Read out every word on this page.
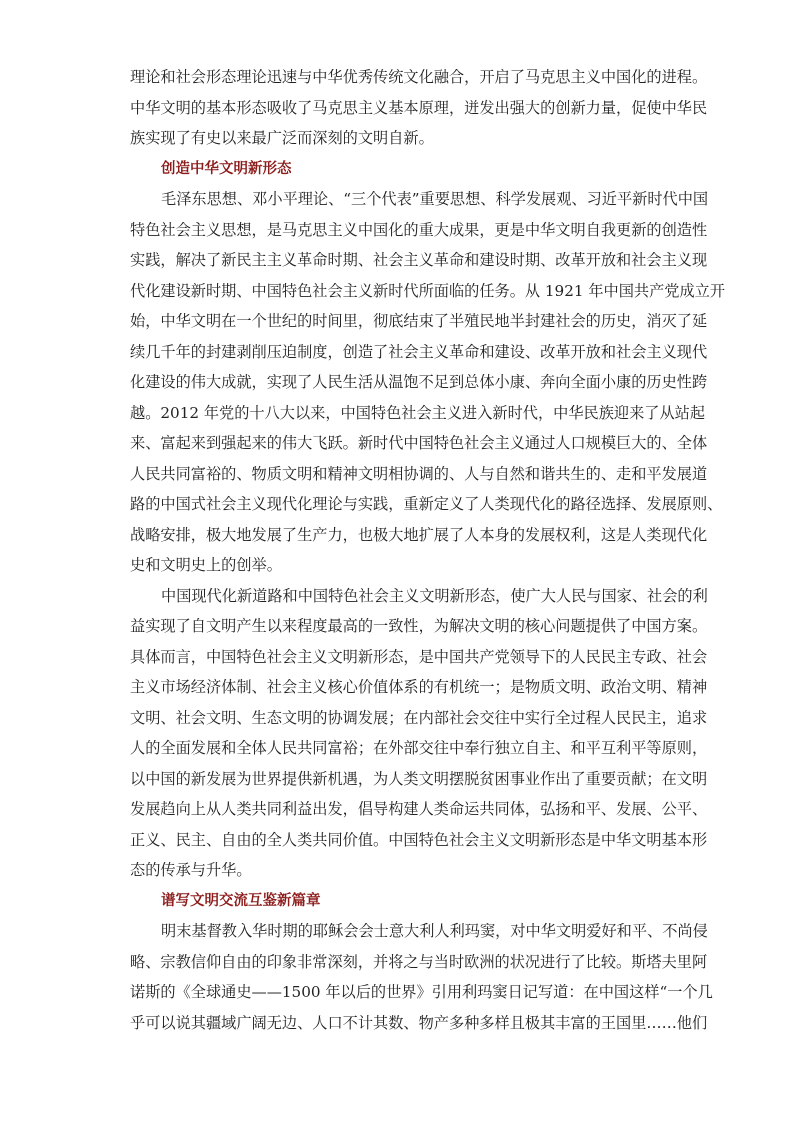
理论和社会形态理论迅速与中华优秀传统文化融合，开启了马克思主义中国化的进程。
中华文明的基本形态吸收了马克思主义基本原理，迸发出强大的创新力量，促使中华民
族实现了有史以来最广泛而深刻的文明自新。
创造中华文明新形态
毛泽东思想、邓小平理论、“三个代表”重要思想、科学发展观、习近平新时代中国
特色社会主义思想，是马克思主义中国化的重大成果，更是中华文明自我更新的创造性
实践，解决了新民主主义革命时期、社会主义革命和建设时期、改革开放和社会主义现
代化建设新时期、中国特色社会主义新时代所面临的任务。从 1921 年中国共产党成立开
始，中华文明在一个世纪的时间里，彻底结束了半殖民地半封建社会的历史，消灭了延
续几千年的封建剥削压迫制度，创造了社会主义革命和建设、改革开放和社会主义现代
化建设的伟大成就，实现了人民生活从温饱不足到总体小康、奔向全面小康的历史性跨
越。2012 年党的十八大以来，中国特色社会主义进入新时代，中华民族迎来了从站起
来、富起来到强起来的伟大飞跃。新时代中国特色社会主义通过人口规模巨大的、全体
人民共同富裕的、物质文明和精神文明相协调的、人与自然和谐共生的、走和平发展道
路的中国式社会主义现代化理论与实践，重新定义了人类现代化的路径选择、发展原则、
战略安排，极大地发展了生产力，也极大地扩展了人本身的发展权利，这是人类现代化
史和文明史上的创举。
中国现代化新道路和中国特色社会主义文明新形态，使广大人民与国家、社会的利
益实现了自文明产生以来程度最高的一致性，为解决文明的核心问题提供了中国方案。
具体而言，中国特色社会主义文明新形态，是中国共产党领导下的人民民主专政、社会
主义市场经济体制、社会主义核心价值体系的有机统一；是物质文明、政治文明、精神
文明、社会文明、生态文明的协调发展；在内部社会交往中实行全过程人民民主，追求
人的全面发展和全体人民共同富裕；在外部交往中奉行独立自主、和平互利平等原则，
以中国的新发展为世界提供新机遇，为人类文明摆脱贫困事业作出了重要贡献；在文明
发展趋向上从人类共同利益出发，倡导构建人类命运共同体，弘扬和平、发展、公平、
正义、民主、自由的全人类共同价值。中国特色社会主义文明新形态是中华文明基本形
态的传承与升华。
谱写文明交流互鉴新篇章
明末基督教入华时期的耶稣会会士意大利人利玛窦，对中华文明爱好和平、不尚侵
略、宗教信仰自由的印象非常深刻，并将之与当时欧洲的状况进行了比较。斯塔夫里阿
诺斯的《全球通史——1500 年以后的世界》引用利玛窦日记写道：在中国这样“一个几
乎可以说其疆域广阔无边、人口不计其数、物产多种多样且极其丰富的王国里……他们
